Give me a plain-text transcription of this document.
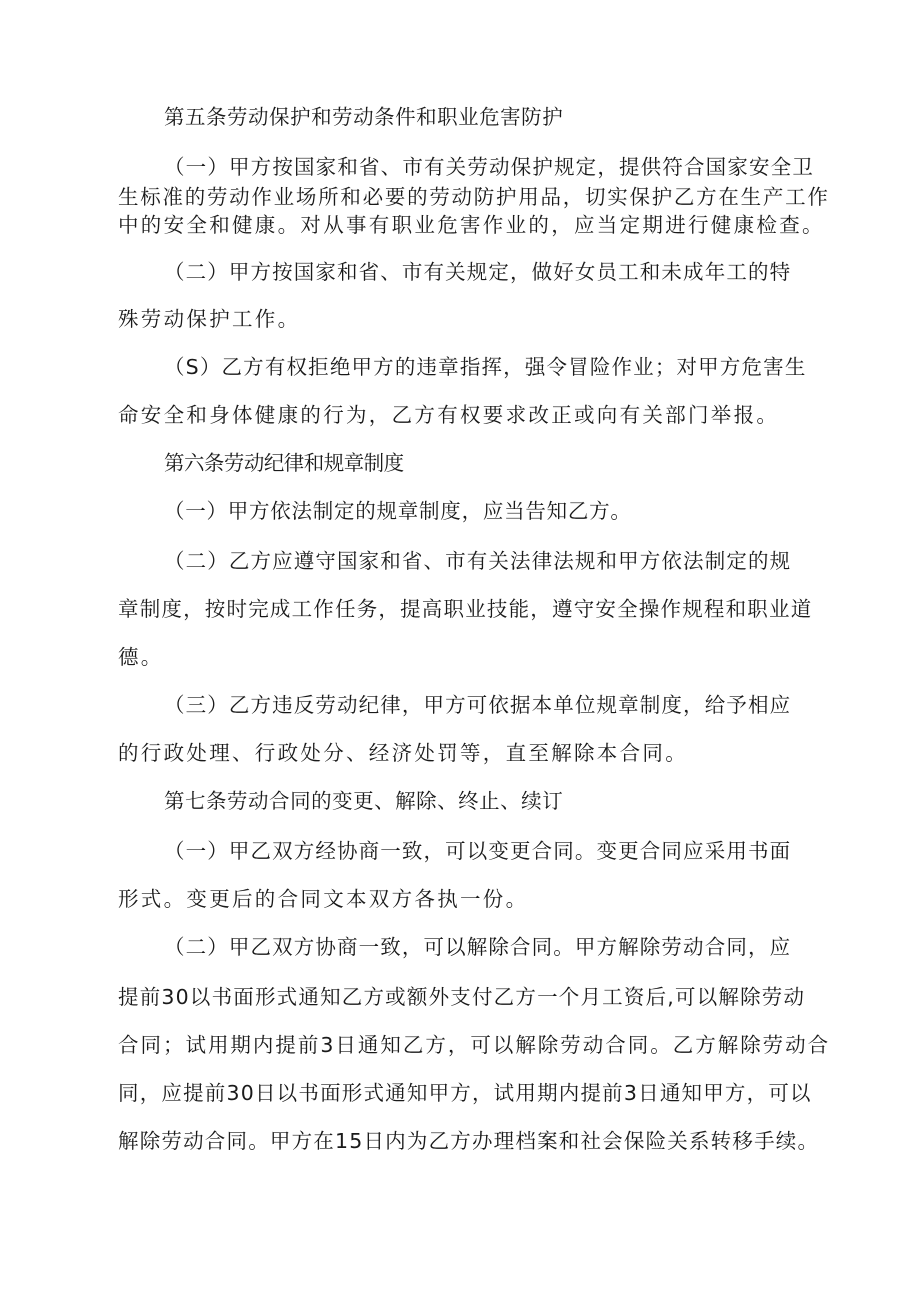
第五条劳动保护和劳动条件和职业危害防护
（一）甲方按国家和省、市有关劳动保护规定，提供符合国家安全卫
生标准的劳动作业场所和必要的劳动防护用品，切实保护乙方在生产工作
中的安全和健康。对从事有职业危害作业的，应当定期进行健康检查。
（二）甲方按国家和省、市有关规定，做好女员工和未成年工的特
殊劳动保护工作。
（S）乙方有权拒绝甲方的违章指挥，强令冒险作业；对甲方危害生
命安全和身体健康的行为，乙方有权要求改正或向有关部门举报。
第六条劳动纪律和规章制度
（一）甲方依法制定的规章制度，应当告知乙方。
（二）乙方应遵守国家和省、市有关法律法规和甲方依法制定的规
章制度，按时完成工作任务，提高职业技能，遵守安全操作规程和职业道
德。
（三）乙方违反劳动纪律，甲方可依据本单位规章制度，给予相应
的行政处理、行政处分、经济处罚等，直至解除本合同。
第七条劳动合同的变更、解除、终止、续订
（一）甲乙双方经协商一致，可以变更合同。变更合同应采用书面
形式。变更后的合同文本双方各执一份。
（二）甲乙双方协商一致，可以解除合同。甲方解除劳动合同，应
提前30以书面形式通知乙方或额外支付乙方一个月工资后,可以解除劳动
合同；试用期内提前3日通知乙方，可以解除劳动合同。乙方解除劳动合
同，应提前30日以书面形式通知甲方，试用期内提前3日通知甲方，可以
解除劳动合同。甲方在15日内为乙方办理档案和社会保险关系转移手续。
